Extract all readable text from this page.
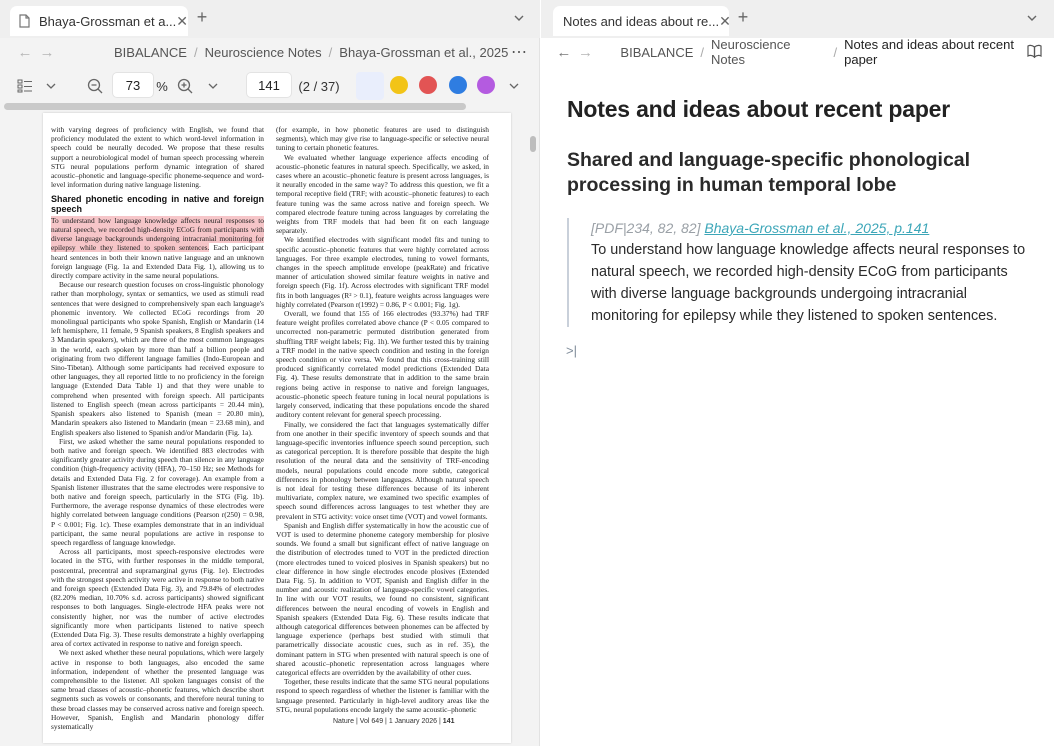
Bhaya-Grossman et a... ✕ +
← →	BIBALANCE / Neuroscience Notes / Bhaya-Grossman et al., 2025 ⋯
73	%	141	(2 / 37)

with varying degrees of proficiency with English, we found that proficiency modulated the extent to which word-level information in speech could be neurally decoded. We propose that these results support a neurobiological model of human speech processing wherein STG neural populations perform dynamic integration of shared acoustic–phonetic and language-specific phoneme-sequence and word-level information during native language listening.

Shared phonetic encoding in native and foreign speech

To understand how language knowledge affects neural responses to natural speech, we recorded high-density ECoG from participants with diverse language backgrounds undergoing intracranial monitoring for epilepsy while they listened to spoken sentences. Each participant heard sentences in both their known native language and an unknown foreign language (Fig. 1a and Extended Data Fig. 1), allowing us to directly compare activity in the same neural populations.

Because our research question focuses on cross-linguistic phonology rather than morphology, syntax or semantics, we used as stimuli read sentences that were designed to comprehensively span each language's phonemic inventory. We collected ECoG recordings from 20 monolingual participants who spoke Spanish, English or Mandarin (14 left hemisphere, 11 female, 9 Spanish speakers, 8 English speakers and 3 Mandarin speakers), which are three of the most common languages in the world, each spoken by more than half a billion people and originating from two different language families (Indo-European and Sino-Tibetan). Although some participants had received exposure to other languages, they all reported little to no proficiency in the foreign language (Extended Data Table 1) and that they were unable to comprehend when presented with foreign speech. All participants listened to English speech (mean across participants = 20.44 min), Spanish speakers also listened to Spanish (mean = 20.80 min), Mandarin speakers also listened to Mandarin (mean = 23.68 min), and English speakers also listened to Spanish and/or Mandarin (Fig. 1a).

First, we asked whether the same neural populations responded to both native and foreign speech. We identified 883 electrodes with significantly greater activity during speech than silence in any language condition (high-frequency activity (HFA), 70–150 Hz; see Methods for details and Extended Data Fig. 2 for coverage). An example from a Spanish listener illustrates that the same electrodes were responsive to both native and foreign speech, particularly in the STG (Fig. 1b). Furthermore, the average response dynamics of these electrodes were highly correlated between language conditions (Pearson r(250) = 0.98, P < 0.001; Fig. 1c). These examples demonstrate that in an individual participant, the same neural populations are active in response to speech regardless of language knowledge.

Across all participants, most speech-responsive electrodes were located in the STG, with further responses in the middle temporal, postcentral, precentral and supramarginal gyrus (Fig. 1e). Electrodes with the strongest speech activity were active in response to both native and foreign speech (Extended Data Fig. 3), and 79.84% of electrodes (82.20% median, 10.70% s.d. across participants) showed significant responses to both languages. Single-electrode HFA peaks were not consistently higher, nor was the number of active electrodes significantly more when participants listened to native speech (Extended Data Fig. 3). These results demonstrate a highly overlapping area of cortex activated in response to native and foreign speech.

We next asked whether these neural populations, which were largely active in response to both languages, also encoded the same information, independent of whether the presented language was comprehensible to the listener. All spoken languages consist of the same broad classes of acoustic–phonetic features, which describe short segments such as vowels or consonants, and therefore neural tuning to these broad classes may be conserved across native and foreign speech. However, Spanish, English and Mandarin phonology differ systematically

(for example, in how phonetic features are used to distinguish segments), which may give rise to language-specific or selective neural tuning to certain phonetic features.

We evaluated whether language experience affects encoding of acoustic–phonetic features in natural speech. Specifically, we asked, in cases where an acoustic–phonetic feature is present across languages, is it neurally encoded in the same way? To address this question, we fit a temporal receptive field (TRF; with acoustic–phonetic features) to each feature tuning was the same across native and foreign speech. We compared electrode feature tuning across languages by correlating the weights from TRF models that had been fit on each language separately.

We identified electrodes with significant model fits and tuning to specific acoustic–phonetic features that were highly correlated across languages. For three example electrodes, tuning to vowel formants, changes in the speech amplitude envelope (peakRate) and fricative manner of articulation showed similar feature weights in native and foreign speech (Fig. 1f). Across electrodes with significant TRF model fits in both languages (R² > 0.1), feature weights across languages were highly correlated (Pearson r(1992) = 0.86, P < 0.001; Fig. 1g).

Overall, we found that 155 of 166 electrodes (93.37%) had TRF feature weight profiles correlated above chance (P < 0.05 compared to uncorrected non-parametric permuted distribution generated from shuffling TRF weight labels; Fig. 1h). We further tested this by training a TRF model in the native speech condition and testing in the foreign speech condition or vice versa. We found that this cross-training still produced significantly correlated model predictions (Extended Data Fig. 4). These results demonstrate that in addition to the same brain regions being active in response to native and foreign languages, acoustic–phonetic speech feature tuning in local neural populations is largely conserved, indicating that these populations encode the shared auditory content relevant for general speech processing.

Finally, we considered the fact that languages systematically differ from one another in their specific inventory of speech sounds and that language-specific inventories influence speech sound perception, such as categorical perception. It is therefore possible that despite the high resolution of the neural data and the sensitivity of TRF-encoding models, neural populations could encode more subtle, categorical differences in phonology between languages. Although natural speech is not ideal for testing these differences because of its inherent multivariate, complex nature, we examined two specific examples of speech sound differences across languages to test whether they are prevalent in STG activity: voice onset time (VOT) and vowel formants.

Spanish and English differ systematically in how the acoustic cue of VOT is used to determine phoneme category membership for plosive sounds. We found a small but significant effect of native language on the distribution of electrodes tuned to VOT in the predicted direction (more electrodes tuned to voiced plosives in Spanish speakers) but no clear difference in how single electrodes encode plosives (Extended Data Fig. 5). In addition to VOT, Spanish and English differ in the number and acoustic realization of language-specific vowel categories. In line with our VOT results, we found no consistent, significant differences between the neural encoding of vowels in English and Spanish speakers (Extended Data Fig. 6). These results indicate that although categorical differences between phonemes can be affected by language experience (perhaps best studied with stimuli that parametrically dissociate acoustic cues, such as in ref. 35), the dominant pattern in STG when presented with natural speech is one of shared acoustic–phonetic representation across languages where categorical effects are overridden by the availability of other cues.

Together, these results indicate that the same STG neural populations respond to speech regardless of whether the listener is familiar with the language presented. Particularly in high-level auditory areas like the STG, neural populations encode largely the same acoustic–phonetic

Nature | Vol 649 | 1 January 2026 | 141
Notes and ideas about re... ✕ +
← → BIBALANCE / Neuroscience Notes	/ Notes and ideas about recent paper
Notes and ideas about recent paper
Shared and language-specific phonological processing in human temporal lobe
[PDF|234, 82, 82] Bhaya-Grossman et al., 2025, p.141
To understand how language knowledge affects neural responses to natural speech, we recorded high-density ECoG from participants with diverse language backgrounds undergoing intracranial monitoring for epilepsy while they listened to spoken sentences.
>|
